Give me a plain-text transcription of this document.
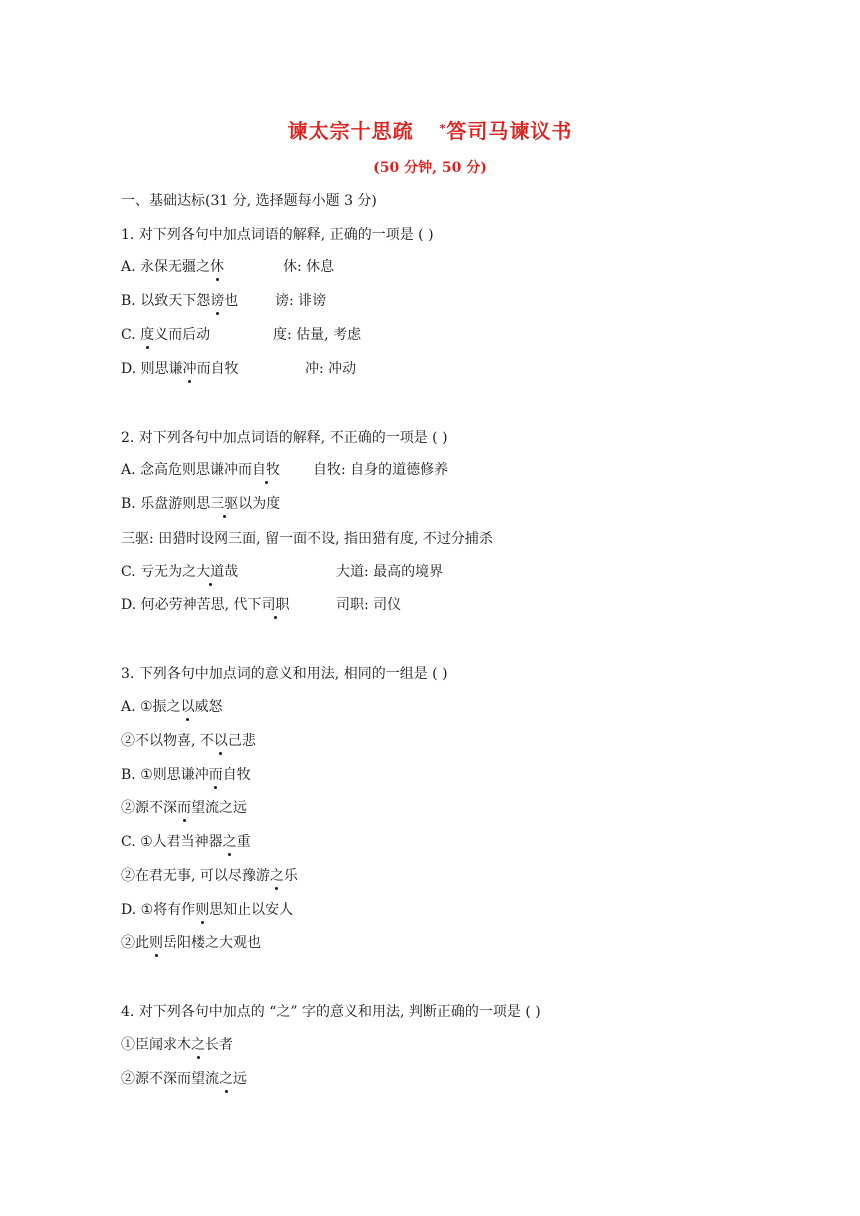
谏太宗十思疏 *答司马谏议书
(50 分钟, 50 分)
一、基础达标(31 分, 选择题每小题 3 分)
1. 对下列各句中加点词语的解释, 正确的一项是 ( )
A. 永保无疆之休	休: 休息
B. 以致天下怨谤也	谤: 诽谤
C. 度义而后动	度: 估量, 考虑
D. 则思谦冲而自牧	冲: 冲动
2. 对下列各句中加点词语的解释, 不正确的一项是 ( )
A. 念高危则思谦冲而自牧 自牧: 自身的道德修养
B. 乐盘游则思三驱以为度
三驱: 田猎时设网三面, 留一面不设, 指田猎有度, 不过分捕杀
C. 亏无为之大道哉	大道: 最高的境界
D. 何必劳神苦思, 代下司职	司职: 司仪
3. 下列各句中加点词的意义和用法, 相同的一组是 ( )
A. ①振之以威怒
②不以物喜, 不以己悲
B. ①则思谦冲而自牧
②源不深而望流之远
C. ①人君当神器之重
②在君无事, 可以尽豫游之乐
D. ①将有作则思知止以安人
②此则岳阳楼之大观也
4. 对下列各句中加点的 “之” 字的意义和用法, 判断正确的一项是 ( )
①臣闻求木之长者
②源不深而望流之远
